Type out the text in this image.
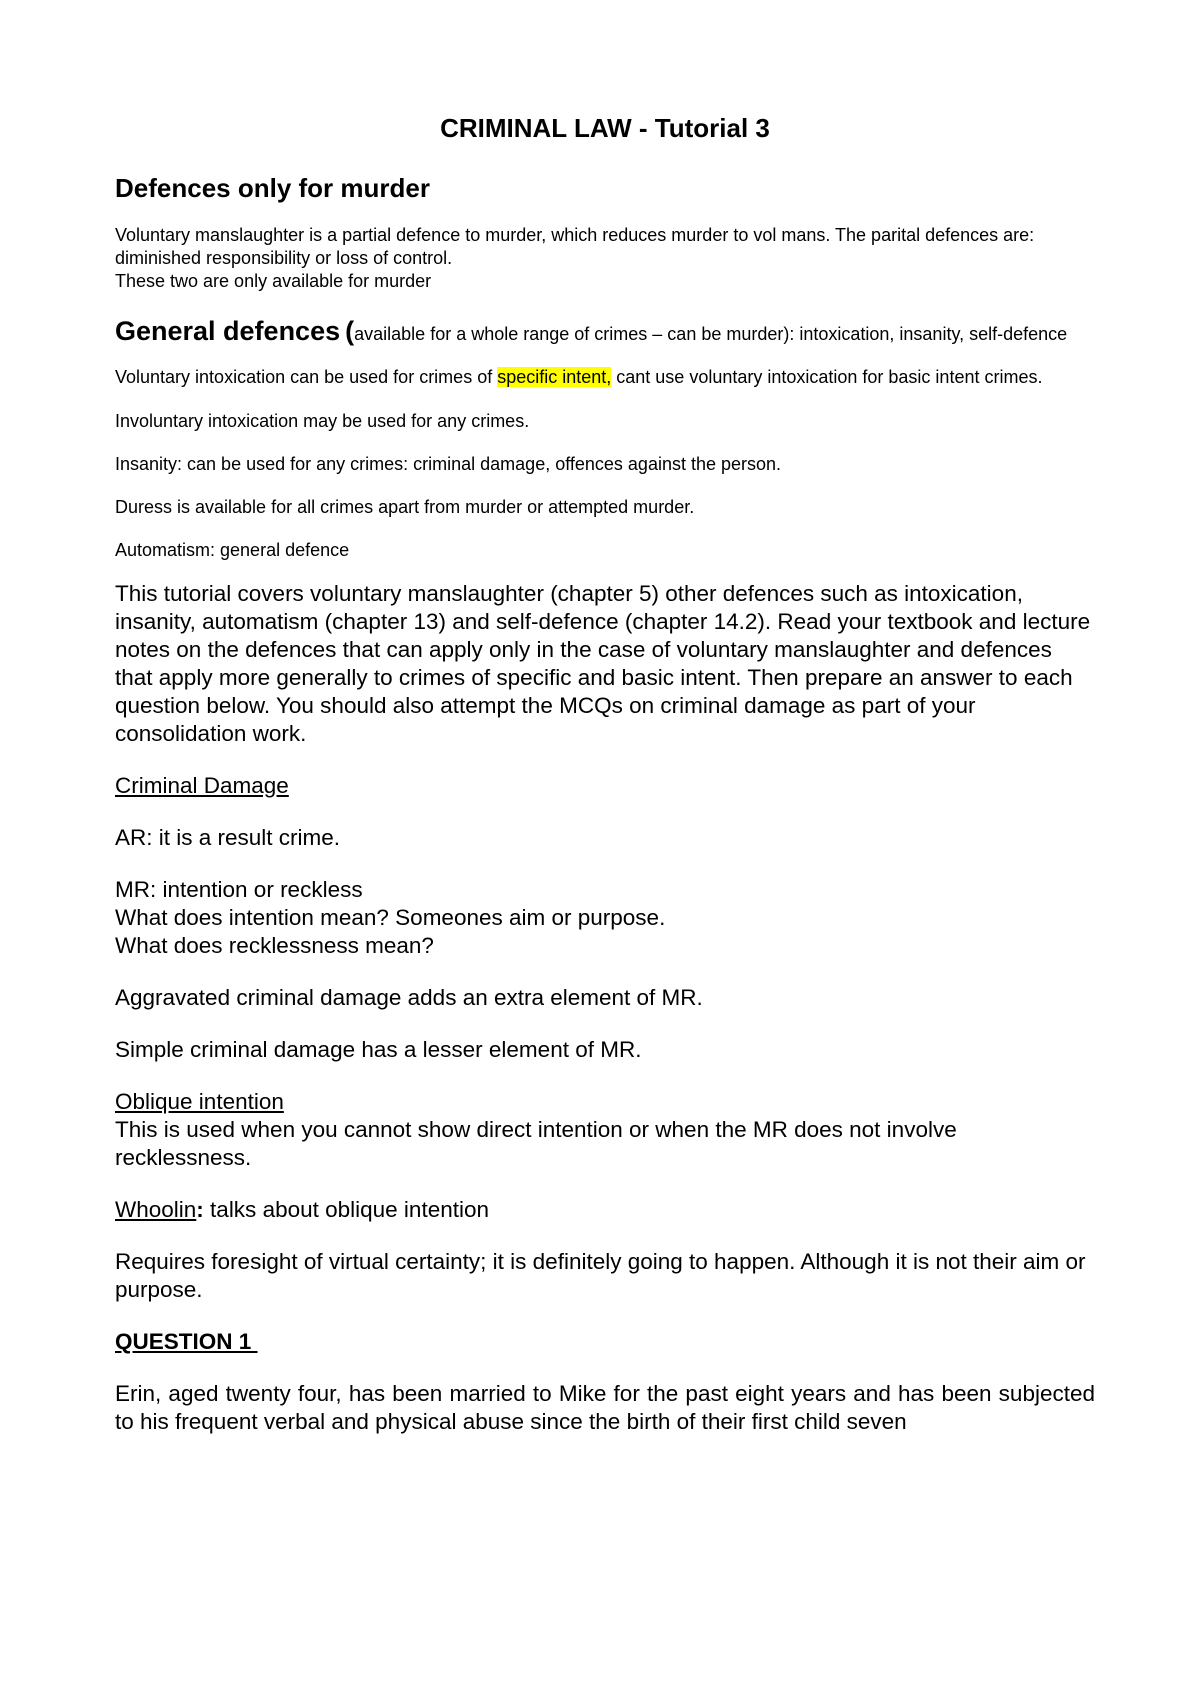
CRIMINAL LAW - Tutorial 3

Defences only for murder

Voluntary manslaughter is a partial defence to murder, which reduces murder to vol mans. The parital defences are: diminished responsibility or loss of control.

These two are only available for murder

General defences (available for a whole range of crimes – can be murder): intoxication, insanity, self-defence

Voluntary intoxication can be used for crimes of specific intent, cant use voluntary intoxication for basic intent crimes.

Involuntary intoxication may be used for any crimes.

Insanity: can be used for any crimes: criminal damage, offences against the person.

Duress is available for all crimes apart from murder or attempted murder.

Automatism: general defence

This tutorial covers voluntary manslaughter (chapter 5) other defences such as intoxication, insanity, automatism (chapter 13) and self-defence (chapter 14.2). Read your textbook and lecture notes on the defences that can apply only in the case of voluntary manslaughter and defences that apply more generally to crimes of specific and basic intent. Then prepare an answer to each question below. You should also attempt the MCQs on criminal damage as part of your consolidation work.

Criminal Damage

AR: it is a result crime.

MR: intention or reckless

What does intention mean? Someones aim or purpose.

What does recklessness mean?

Aggravated criminal damage adds an extra element of MR.

Simple criminal damage has a lesser element of MR.

Oblique intention

This is used when you cannot show direct intention or when the MR does not involve recklessness.

Whoolin: talks about oblique intention

Requires foresight of virtual certainty; it is definitely going to happen. Although it is not their aim or purpose.

QUESTION 1

Erin, aged twenty four, has been married to Mike for the past eight years and has been subjected to his frequent verbal and physical abuse since the birth of their first child seven
